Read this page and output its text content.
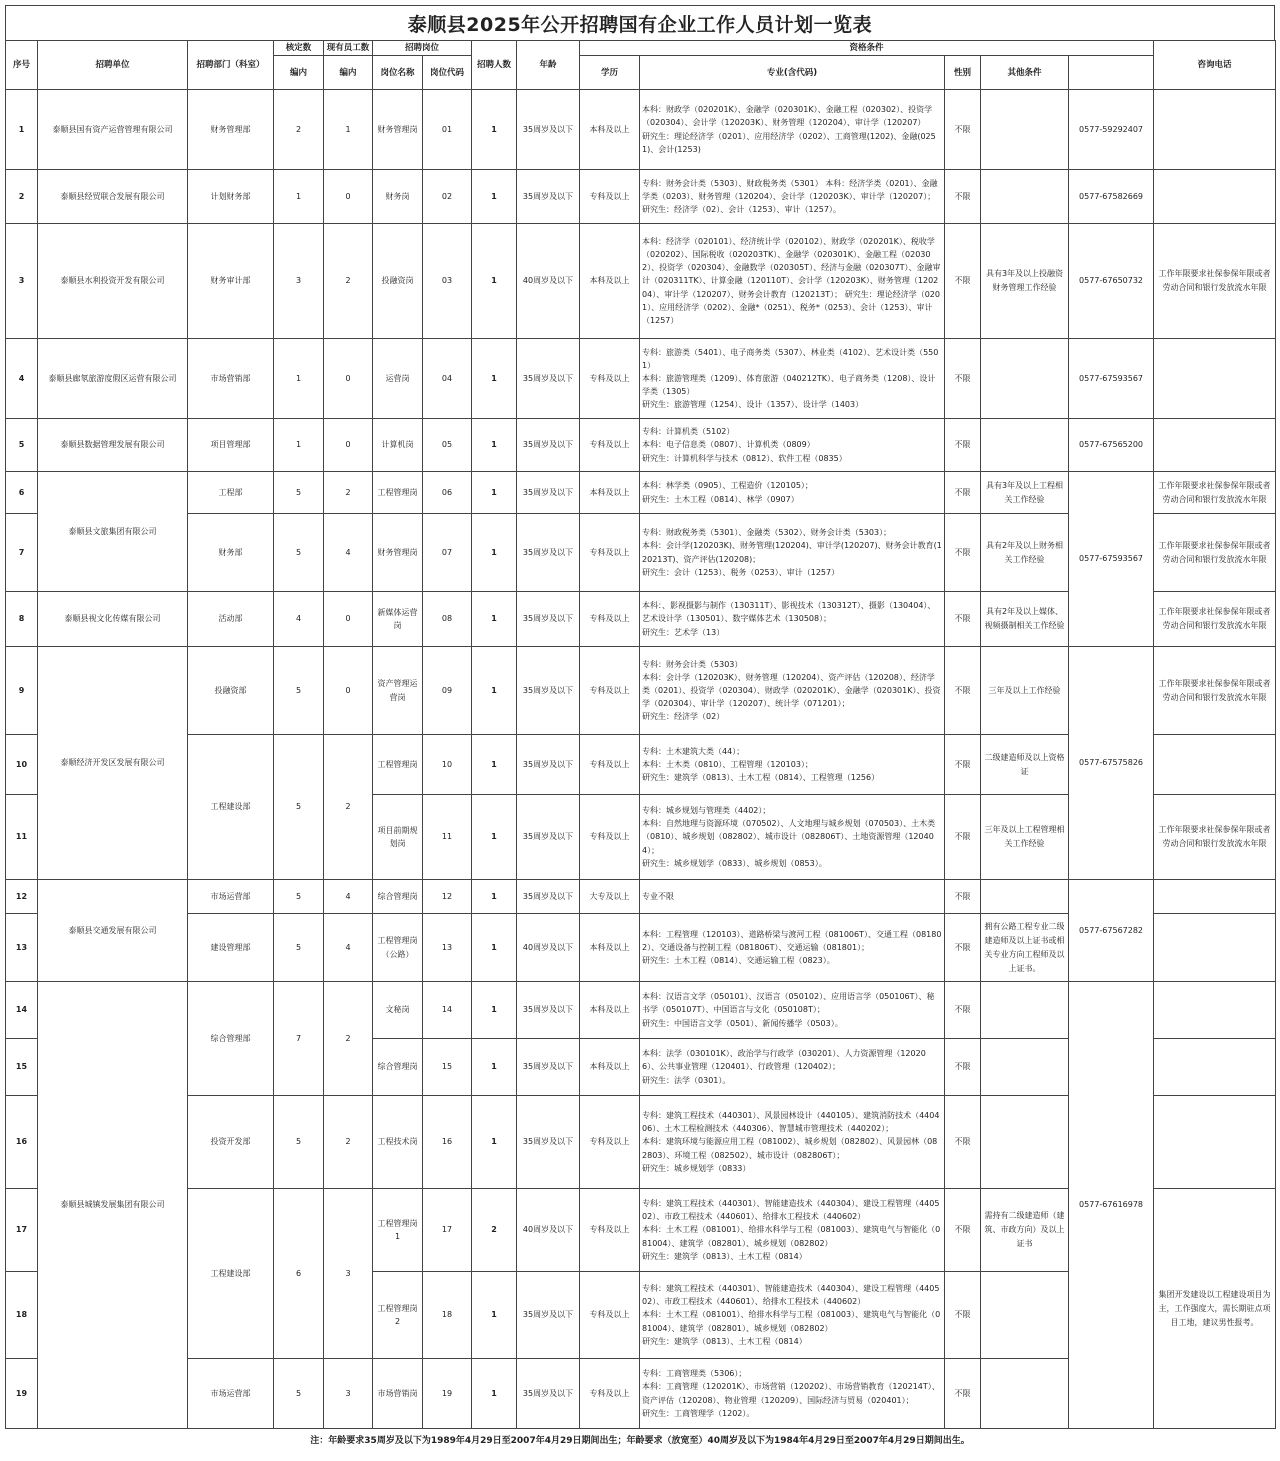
泰顺县2025年公开招聘国有企业工作人员计划一览表
序号	招聘单位	招聘部门（科室）	核定数	现有员工数	招聘岗位		招聘人数	年龄	资格条件					咨询电话	
			编内	编内	岗位名称	岗位代码			学历	专业(含代码)	性别	其他条件			
1	泰顺县国有资产运营管理有限公司	财务管理部	2	1	财务管理岗	01	1	35周岁及以下	本科及以上	本科：财政学（020201K）、金融学（020301K）、金融工程（020302）、投资学（020304）、会计学（120203K）、财务管理（120204）、审计学（120207）
研究生：理论经济学（0201）、应用经济学（0202）、工商管理(1202)、金融(0251)、会计(1253)	不限		0577-59292407		
2	泰顺县经贸联合发展有限公司	计划财务部	1	0	财务岗	02	1	35周岁及以下	专科及以上	专科：财务会计类（5303）、财政税务类（5301） 本科：经济学类（0201）、金融学类（0203）、财务管理（120204）、会计学（120203K）、审计学（120207）； 研究生：经济学（02）、会计（1253）、审计（1257）。	不限		0577-67582669		
3	泰顺县水利投资开发有限公司	财务审计部	3	2	投融资岗	03	1	40周岁及以下	本科及以上	本科：经济学（020101）、经济统计学（020102）、财政学（020201K）、税收学（020202）、国际税收（020203TK）、金融学（020301K）、金融工程（020302）、投资学（020304）、金融数学（020305T）、经济与金融（020307T）、金融审计（020311TK）、计算金融（120110T）、会计学（120203K）、财务管理（120204）、审计学（120207）、财务会计教育（120213T）； 研究生：理论经济学（0201）、应用经济学（0202）、金融*（0251）、税务*（0253）、会计（1253）、审计（1257）	不限	具有3年及以上投融资财务管理工作经验	0577-67650732	工作年限要求社保参保年限或者劳动合同和银行发放流水年限	
4	泰顺县廊氡旅游度假区运营有限公司	市场营销部	1	0	运营岗	04	1	35周岁及以下	专科及以上	专科：旅游类（5401）、电子商务类（5307）、林业类（4102）、艺术设计类（5501）
本科：旅游管理类（1209）、体育旅游（040212TK）、电子商务类（1208）、设计学类（1305）
研究生：旅游管理（1254）、设计（1357）、设计学（1403）	不限		0577-67593567		
5	泰顺县数据管理发展有限公司	项目管理部	1	0	计算机岗	05	1	35周岁及以下	专科及以上	专科：计算机类（5102）
本科：电子信息类（0807）、计算机类（0809）
研究生：计算机科学与技术（0812）、软件工程（0835）	不限		0577-67565200		
6	泰顺县文旅集团有限公司	工程部	5	2	工程管理岗	06	1	35周岁及以下	本科及以上	本科：林学类（0905）、工程造价（120105）；
研究生：土木工程（0814）、林学（0907）	不限	具有3年及以上工程相关工作经验	0577-67593567	工作年限要求社保参保年限或者劳动合同和银行发放流水年限	
7		财务部	5	4	财务管理岗	07	1	35周岁及以下	专科及以上	专科：财政税务类（5301）、金融类（5302）、财务会计类（5303）；
本科：会计学(120203K)、财务管理(120204)、审计学(120207)、财务会计教育(120213T)、资产评估(120208)；
研究生：会计（1253）、税务（0253）、审计（1257）	不限	具有2年及以上财务相关工作经验		工作年限要求社保参保年限或者劳动合同和银行发放流水年限	
8	泰顺县视文化传媒有限公司	活动部	4	0	新媒体运营岗	08	1	35周岁及以下	专科及以上	本科：、影视摄影与制作（130311T）、影视技术（130312T）、摄影（130404）、艺术设计学（130501）、数字媒体艺术（130508）；
研究生：艺术学（13）	不限	具有2年及以上媒体、视频摄制相关工作经验		工作年限要求社保参保年限或者劳动合同和银行发放流水年限	
9	泰顺经济开发区发展有限公司	投融资部	5	0	资产管理运营岗	09	1	35周岁及以下	专科及以上	专科：财务会计类（5303）
本科：会计学（120203K）、财务管理（120204）、资产评估（120208）、经济学类（0201）、投资学（020304）、财政学（020201K）、金融学（020301K）、投资学（020304）、审计学（120207）、统计学（071201）；
研究生：经济学（02）	不限	三年及以上工作经验	0577-67575826	工作年限要求社保参保年限或者劳动合同和银行发放流水年限	
10		工程建设部	5	2	工程管理岗	10	1	35周岁及以下	专科及以上	专科：土木建筑大类（44）；
本科：土木类（0810）、工程管理（120103）；
研究生：建筑学（0813）、土木工程（0814）、工程管理（1256）	不限	二级建造师及以上资格证			
11					项目前期规划岗	11	1	35周岁及以下	专科及以上	专科：城乡规划与管理类（4402）；
本科：自然地理与资源环境（070502）、人文地理与城乡规划（070503）、土木类（0810）、城乡规划（082802）、城市设计（082806T）、土地资源管理（120404）；
研究生：城乡规划学（0833）、城乡规划（0853）。	不限	三年及以上工程管理相关工作经验		工作年限要求社保参保年限或者劳动合同和银行发放流水年限	
12	泰顺县交通发展有限公司	市场运营部	5	4	综合管理岗	12	1	35周岁及以下	大专及以上	专业不限	不限		0577-67567282		
13		建设管理部	5	4	工程管理岗（公路）	13	1	40周岁及以下	本科及以上	本科：工程管理（120103）、道路桥梁与渡河工程（081006T）、交通工程（081802）、交通设备与控制工程（081806T）、交通运输（081801）；
研究生：土木工程（0814）、交通运输工程（0823）。	不限	拥有公路工程专业二级建造师及以上证书或相关专业方向工程师及以上证书。			
14	泰顺县城镇发展集团有限公司	综合管理部	7	2	文秘岗	14	1	35周岁及以下	本科及以上	本科：汉语言文学（050101）、汉语言（050102）、应用语言学（050106T）、秘书学（050107T）、中国语言与文化（050108T）；
研究生：中国语言文学（0501）、新闻传播学（0503）。	不限		0577-67616978		
15					综合管理岗	15	1	35周岁及以下	本科及以上	本科：法学（030101K）、政治学与行政学（030201）、人力资源管理（120206）、公共事业管理（120401）、行政管理（120402）；
研究生：法学（0301）。	不限				
16		投资开发部	5	2	工程技术岗	16	1	35周岁及以下	专科及以上	专科：建筑工程技术（440301）、风景园林设计（440105）、建筑消防技术（440406）、土木工程检测技术（440306）、智慧城市管理技术（440202）；
本科：建筑环境与能源应用工程（081002）、城乡规划（082802）、风景园林（082803）、环境工程（082502）、城市设计（082806T）；
研究生：城乡规划学（0833）	不限				
17		工程建设部	6	3	工程管理岗1	17	2	40周岁及以下	专科及以上	专科：建筑工程技术（440301）、智能建造技术（440304）、建设工程管理（440502）、市政工程技术（440601）、给排水工程技术（440602）
本科：土木工程（081001）、给排水科学与工程（081003）、建筑电气与智能化（081004）、建筑学（082801）、城乡规划（082802）
研究生：建筑学（0813）、土木工程（0814）	不限	需持有二级建造师（建筑、市政方向）及以上证书		集团开发建设以工程建设项目为主，工作强度大，需长期驻点项目工地，建议男性报考。	
18					工程管理岗2	18	1	35周岁及以下	专科及以上	专科：建筑工程技术（440301）、智能建造技术（440304）、建设工程管理（440502）、市政工程技术（440601）、给排水工程技术（440602）
本科：土木工程（081001）、给排水科学与工程（081003）、建筑电气与智能化（081004）、建筑学（082801）、城乡规划（082802）
研究生：建筑学（0813）、土木工程（0814）	不限				
19		市场运营部	5	3	市场营销岗	19	1	35周岁及以下	专科及以上	专科：工商管理类（5306）；
本科：工商管理（120201K）、市场营销（120202）、市场营销教育（120214T）、资产评估（120208）、物业管理（120209）、国际经济与贸易（020401）；
研究生：工商管理学（1202）。	不限				
注：年龄要求35周岁及以下为1989年4月29日至2007年4月29日期间出生；年龄要求（放宽至）40周岁及以下为1984年4月29日至2007年4月29日期间出生。
